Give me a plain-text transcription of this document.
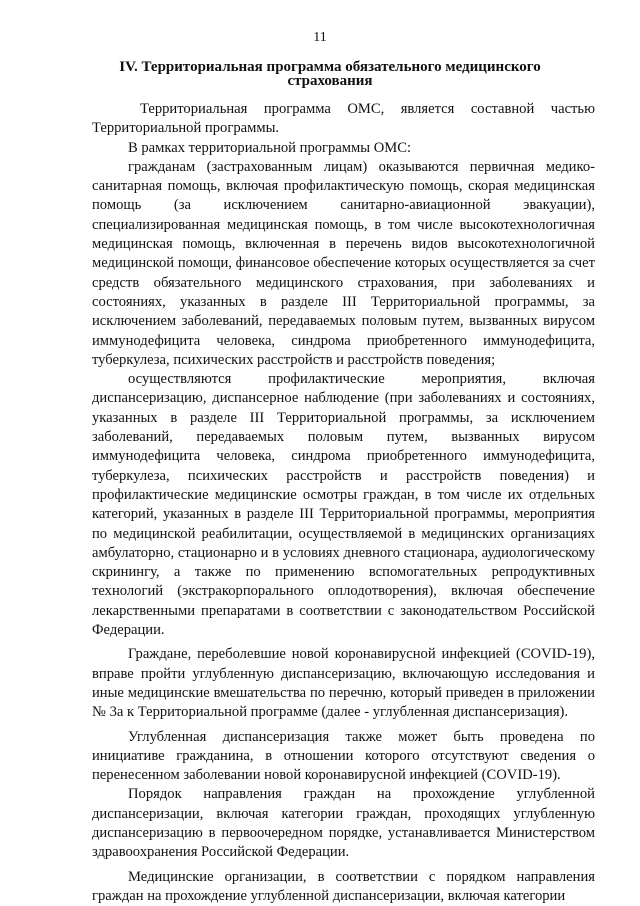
11
IV. Территориальная программа обязательного медицинского страхования

Территориальная программа ОМС, является составной частью Территориальной программы.

В рамках территориальной программы ОМС:

гражданам (застрахованным лицам) оказываются первичная медико-санитарная помощь, включая профилактическую помощь, скорая медицинская помощь (за исключением санитарно-авиационной эвакуации), специализированная медицинская помощь, в том числе высокотехнологичная медицинская помощь, включенная в перечень видов высокотехнологичной медицинской помощи, финансовое обеспечение которых осуществляется за счет средств обязательного медицинского страхования, при заболеваниях и состояниях, указанных в разделе III Территориальной программы, за исключением заболеваний, передаваемых половым путем, вызванных вирусом иммунодефицита человека, синдрома приобретенного иммунодефицита, туберкулеза, психических расстройств и расстройств поведения;

осуществляются профилактические мероприятия, включая диспансеризацию, диспансерное наблюдение (при заболеваниях и состояниях, указанных в разделе III Территориальной программы, за исключением заболеваний, передаваемых половым путем, вызванных вирусом иммунодефицита человека, синдрома приобретенного иммунодефицита, туберкулеза, психических расстройств и расстройств поведения) и профилактические медицинские осмотры граждан, в том числе их отдельных категорий, указанных в разделе III Территориальной программы, мероприятия по медицинской реабилитации, осуществляемой в медицинских организациях амбулаторно, стационарно и в условиях дневного стационара, аудиологическому скринингу, а также по применению вспомогательных репродуктивных технологий (экстракорпорального оплодотворения), включая обеспечение лекарственными препаратами в соответствии с законодательством Российской Федерации.

Граждане, переболевшие новой коронавирусной инфекцией (COVID-19), вправе пройти углубленную диспансеризацию, включающую исследования и иные медицинские вмешательства по перечню, который приведен в приложении № 3а к Территориальной программе (далее - углубленная диспансеризация).

Углубленная диспансеризация также может быть проведена по инициативе гражданина, в отношении которого отсутствуют сведения о перенесенном заболевании новой коронавирусной инфекцией (COVID-19).

Порядок направления граждан на прохождение углубленной диспансеризации, включая категории граждан, проходящих углубленную диспансеризацию в первоочередном порядке, устанавливается Министерством здравоохранения Российской Федерации.

Медицинские организации, в соответствии с порядком направления граждан на прохождение углубленной диспансеризации, включая категории
